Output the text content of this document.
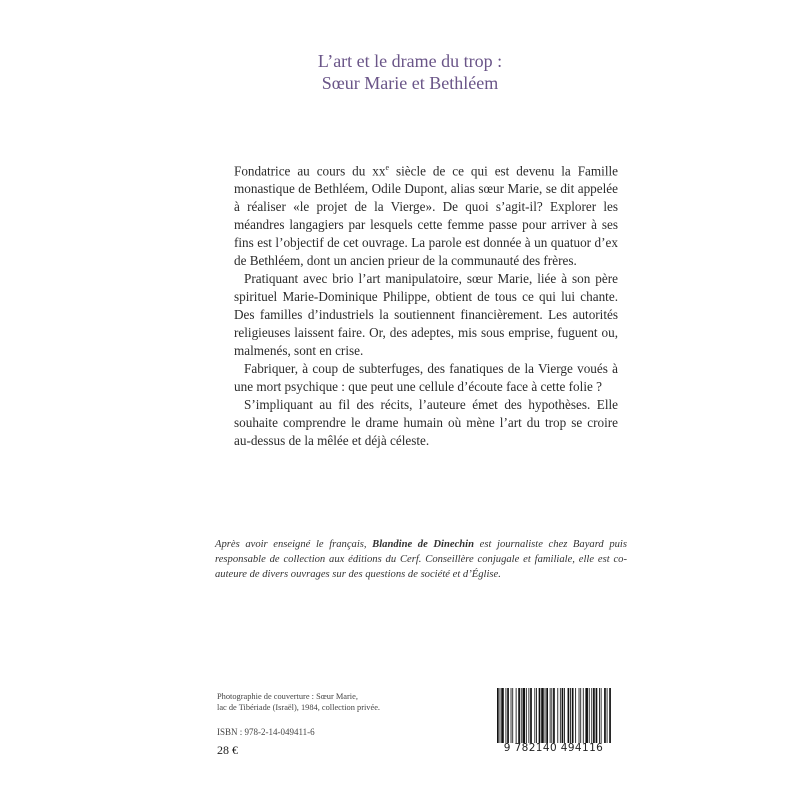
L’art et le drame du trop :
Sœur Marie et Bethléem

Fondatrice au cours du $xx^e$ siècle de ce qui est devenu la Famille monastique de Bethléem, Odile Dupont, alias sœur Marie, se dit appelée à réaliser «le projet de la Vierge». De quoi s’agit-il? Explorer les méandres langagiers par lesquels cette femme passe pour arriver à ses fins est l’objectif de cet ouvrage. La parole est donnée à un quatuor d’ex de Bethléem, dont un ancien prieur de la communauté des frères.

Pratiquant avec brio l’art manipulatoire, sœur Marie, liée à son père spirituel Marie-Dominique Philippe, obtient de tous ce qui lui chante. Des familles d’industriels la soutiennent financièrement. Les autorités religieuses laissent faire. Or, des adeptes, mis sous emprise, fuguent ou, malmenés, sont en crise.

Fabriquer, à coup de subterfuges, des fanatiques de la Vierge voués à une mort psychique : que peut une cellule d’écoute face à cette folie ?

S’impliquant au fil des récits, l’auteure émet des hypothèses. Elle souhaite comprendre le drame humain où mène l’art du trop se croire au-dessus de la mêlée et déjà céleste.

Après avoir enseigné le français, Blandine de Dinechin est journaliste chez Bayard puis responsable de collection aux éditions du Cerf. Conseillère conjugale et familiale, elle est co-auteure de divers ouvrages sur des questions de société et d’Église.
Photographie de couverture : Sœur Marie,
lac de Tibériade (Israël), 1984, collection privée.
ISBN : 978-2-14-049411-6
28 €	9 782140 494116
